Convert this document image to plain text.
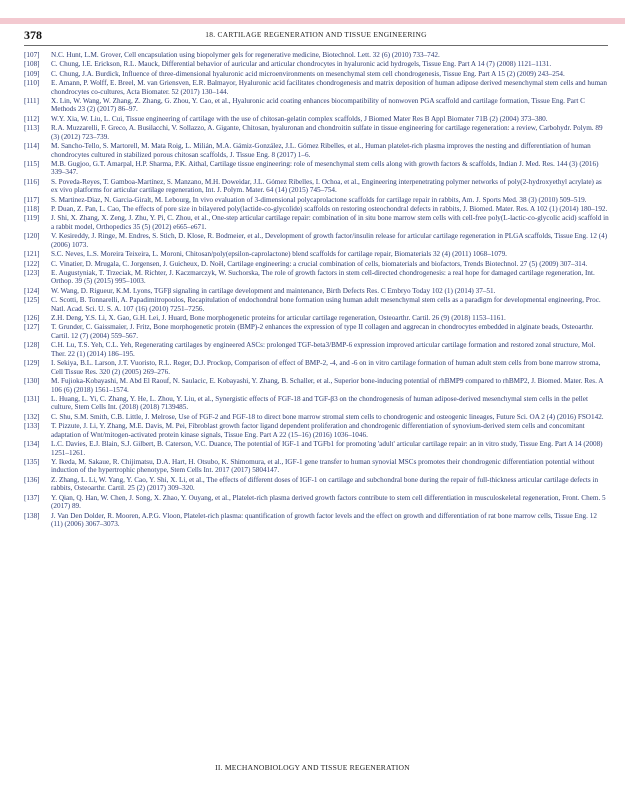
18. CARTILAGE REGENERATION AND TISSUE ENGINEERING
378
[107] N.C. Hunt, L.M. Grover, Cell encapsulation using biopolymer gels for regenerative medicine, Biotechnol. Lett. 32 (6) (2010) 733–742.
[108] C. Chung, I.E. Erickson, R.L. Mauck, Differential behavior of auricular and articular chondrocytes in hyaluronic acid hydrogels, Tissue Eng. Part A 14 (7) (2008) 1121–1131.
[109] C. Chung, J.A. Burdick, Influence of three-dimensional hyaluronic acid microenvironments on mesenchymal stem cell chondrogenesis, Tissue Eng. Part A 15 (2) (2009) 243–254.
[110] E. Amann, P. Wolff, E. Breel, M. van Griensven, E.R. Balmayor, Hyaluronic acid facilitates chondrogenesis and matrix deposition of human adipose derived mesenchymal stem cells and human chondrocytes co-cultures, Acta Biomater. 52 (2017) 130–144.
[111] X. Lin, W. Wang, W. Zhang, Z. Zhang, G. Zhou, Y. Cao, et al., Hyaluronic acid coating enhances biocompatibility of nonwoven PGA scaffold and cartilage formation, Tissue Eng. Part C Methods 23 (2) (2017) 86–97.
[112] W.Y. Xia, W. Liu, L. Cui, Tissue engineering of cartilage with the use of chitosan-gelatin complex scaffolds, J Biomed Mater Res B Appl Biomater 71B (2) (2004) 373–380.
[113] R.A. Muzzarelli, F. Greco, A. Busilacchi, V. Sollazzo, A. Gigante, Chitosan, hyaluronan and chondroitin sulfate in tissue engineering for cartilage regeneration: a review, Carbohydr. Polym. 89 (3) (2012) 723–739.
[114] M. Sancho-Tello, S. Martorell, M. Mata Roig, L. Milián, M.A. Gámiz-González, J.L. Gómez Ribelles, et al., Human platelet-rich plasma improves the nesting and differentiation of human chondrocytes cultured in stabilized porous chitosan scaffolds, J. Tissue Eng. 8 (2017) 1–6.
[115] M.B. Gugjoo, G.T. Amarpal, H.P. Sharma, P.K. Aithal, Cartilage tissue engineering: role of mesenchymal stem cells along with growth factors & scaffolds, Indian J. Med. Res. 144 (3) (2016) 339–347.
[116] S. Poveda-Reyes, T. Gamboa-Martínez, S. Manzano, M.H. Doweidar, J.L. Gómez Ribelles, I. Ochoa, et al., Engineering interpenetrating polymer networks of poly(2-hydroxyethyl acrylate) as ex vivo platforms for articular cartilage regeneration, Int. J. Polym. Mater. 64 (14) (2015) 745–754.
[117] S. Martinez-Diaz, N. Garcia-Giralt, M. Lebourg, In vivo evaluation of 3-dimensional polycaprolactone scaffolds for cartilage repair in rabbits, Am. J. Sports Med. 38 (3) (2010) 509–519.
[118] P. Duan, Z. Pan, L. Cao, The effects of pore size in bilayered poly(lactide-co-glycolide) scaffolds on restoring osteochondral defects in rabbits, J. Biomed. Mater. Res. A 102 (1) (2014) 180–192.
[119] J. Shi, X. Zhang, X. Zeng, J. Zhu, Y. Pi, C. Zhou, et al., One-step articular cartilage repair: combination of in situ bone marrow stem cells with cell-free poly(L-lactic-co-glycolic acid) scaffold in a rabbit model, Orthopedics 35 (5) (2012) e665–e671.
[120] V. Kesireddy, J. Ringe, M. Endres, S. Stich, D. Klose, R. Bodmeier, et al., Development of growth factor/insulin release for articular cartilage regeneration in PLGA scaffolds, Tissue Eng. 12 (4) (2006) 1073.
[121] S.C. Neves, L.S. Moreira Teixeira, L. Moroni, Chitosan/poly(epsilon-caprolactone) blend scaffolds for cartilage repair, Biomaterials 32 (4) (2011) 1068–1079.
[122] C. Vinatier, D. Mrugala, C. Jorgensen, J. Guicheux, D. Noël, Cartilage engineering: a crucial combination of cells, biomaterials and biofactors, Trends Biotechnol. 27 (5) (2009) 307–314.
[123] E. Augustyniak, T. Trzeciak, M. Richter, J. Kaczmarczyk, W. Suchorska, The role of growth factors in stem cell-directed chondrogenesis: a real hope for damaged cartilage regeneration, Int. Orthop. 39 (5) (2015) 995–1003.
[124] W. Wang, D. Rigueur, K.M. Lyons, TGFβ signaling in cartilage development and maintenance, Birth Defects Res. C Embryo Today 102 (1) (2014) 37–51.
[125] C. Scotti, B. Tonnarelli, A. Papadimitropoulos, Recapitulation of endochondral bone formation using human adult mesenchymal stem cells as a paradigm for developmental engineering, Proc. Natl. Acad. Sci. U. S. A. 107 (16) (2010) 7251–7256.
[126] Z.H. Deng, Y.S. Li, X. Gao, G.H. Lei, J. Huard, Bone morphogenetic proteins for articular cartilage regeneration, Osteoarthr. Cartil. 26 (9) (2018) 1153–1161.
[127] T. Grunder, C. Gaissmaier, J. Fritz, Bone morphogenetic protein (BMP)-2 enhances the expression of type II collagen and aggrecan in chondrocytes embedded in alginate beads, Osteoarthr. Cartil. 12 (7) (2004) 559–567.
[128] C.H. Lu, T.S. Yeh, C.L. Yeh, Regenerating cartilages by engineered ASCs: prolonged TGF-beta3/BMP-6 expression improved articular cartilage formation and restored zonal structure, Mol. Ther. 22 (1) (2014) 186–195.
[129] I. Sekiya, B.L. Larson, J.T. Vuoristo, R.L. Reger, D.J. Prockop, Comparison of effect of BMP-2, -4, and -6 on in vitro cartilage formation of human adult stem cells from bone marrow stroma, Cell Tissue Res. 320 (2) (2005) 269–276.
[130] M. Fujioka-Kobayashi, M. Abd El Raouf, N. Saulacic, E. Kobayashi, Y. Zhang, B. Schaller, et al., Superior bone-inducing potential of rhBMP9 compared to rhBMP2, J. Biomed. Mater. Res. A 106 (6) (2018) 1561–1574.
[131] L. Huang, L. Yi, C. Zhang, Y. He, L. Zhou, Y. Liu, et al., Synergistic effects of FGF-18 and TGF-β3 on the chondrogenesis of human adipose-derived mesenchymal stem cells in the pellet culture, Stem Cells Int. (2018) (2018) 7139485.
[132] C. Shu, S.M. Smith, C.B. Little, J. Melrose, Use of FGF-2 and FGF-18 to direct bone marrow stromal stem cells to chondrogenic and osteogenic lineages, Future Sci. OA 2 (4) (2016) FSO142.
[133] T. Pizzute, J. Li, Y. Zhang, M.E. Davis, M. Pei, Fibroblast growth factor ligand dependent proliferation and chondrogenic differentiation of synovium-derived stem cells and concomitant adaptation of Wnt/mitogen-activated protein kinase signals, Tissue Eng. Part A 22 (15–16) (2016) 1036–1046.
[134] L.C. Davies, E.J. Blain, S.J. Gilbert, B. Caterson, V.C. Duance, The potential of IGF-1 and TGFb1 for promoting 'adult' articular cartilage repair: an in vitro study, Tissue Eng. Part A 14 (2008) 1251–1261.
[135] Y. Ikeda, M. Sakaue, R. Chijimatsu, D.A. Hart, H. Otsubo, K. Shimomura, et al., IGF-1 gene transfer to human synovial MSCs promotes their chondrogenic differentiation potential without induction of the hypertrophic phenotype, Stem Cells Int. 2017 (2017) 5804147.
[136] Z. Zhang, L. Li, W. Yang, Y. Cao, Y. Shi, X. Li, et al., The effects of different doses of IGF-1 on cartilage and subchondral bone during the repair of full-thickness articular cartilage defects in rabbits, Osteoarthr. Cartil. 25 (2) (2017) 309–320.
[137] Y. Qian, Q. Han, W. Chen, J. Song, X. Zhao, Y. Ouyang, et al., Platelet-rich plasma derived growth factors contribute to stem cell differentiation in musculoskeletal regeneration, Front. Chem. 5 (2017) 89.
[138] J. Van Den Dolder, R. Mooren, A.P.G. Vloon, Platelet-rich plasma: quantification of growth factor levels and the effect on growth and differentiation of rat bone marrow cells, Tissue Eng. 12 (11) (2006) 3067–3073.
II. MECHANOBIOLOGY AND TISSUE REGENERATION
